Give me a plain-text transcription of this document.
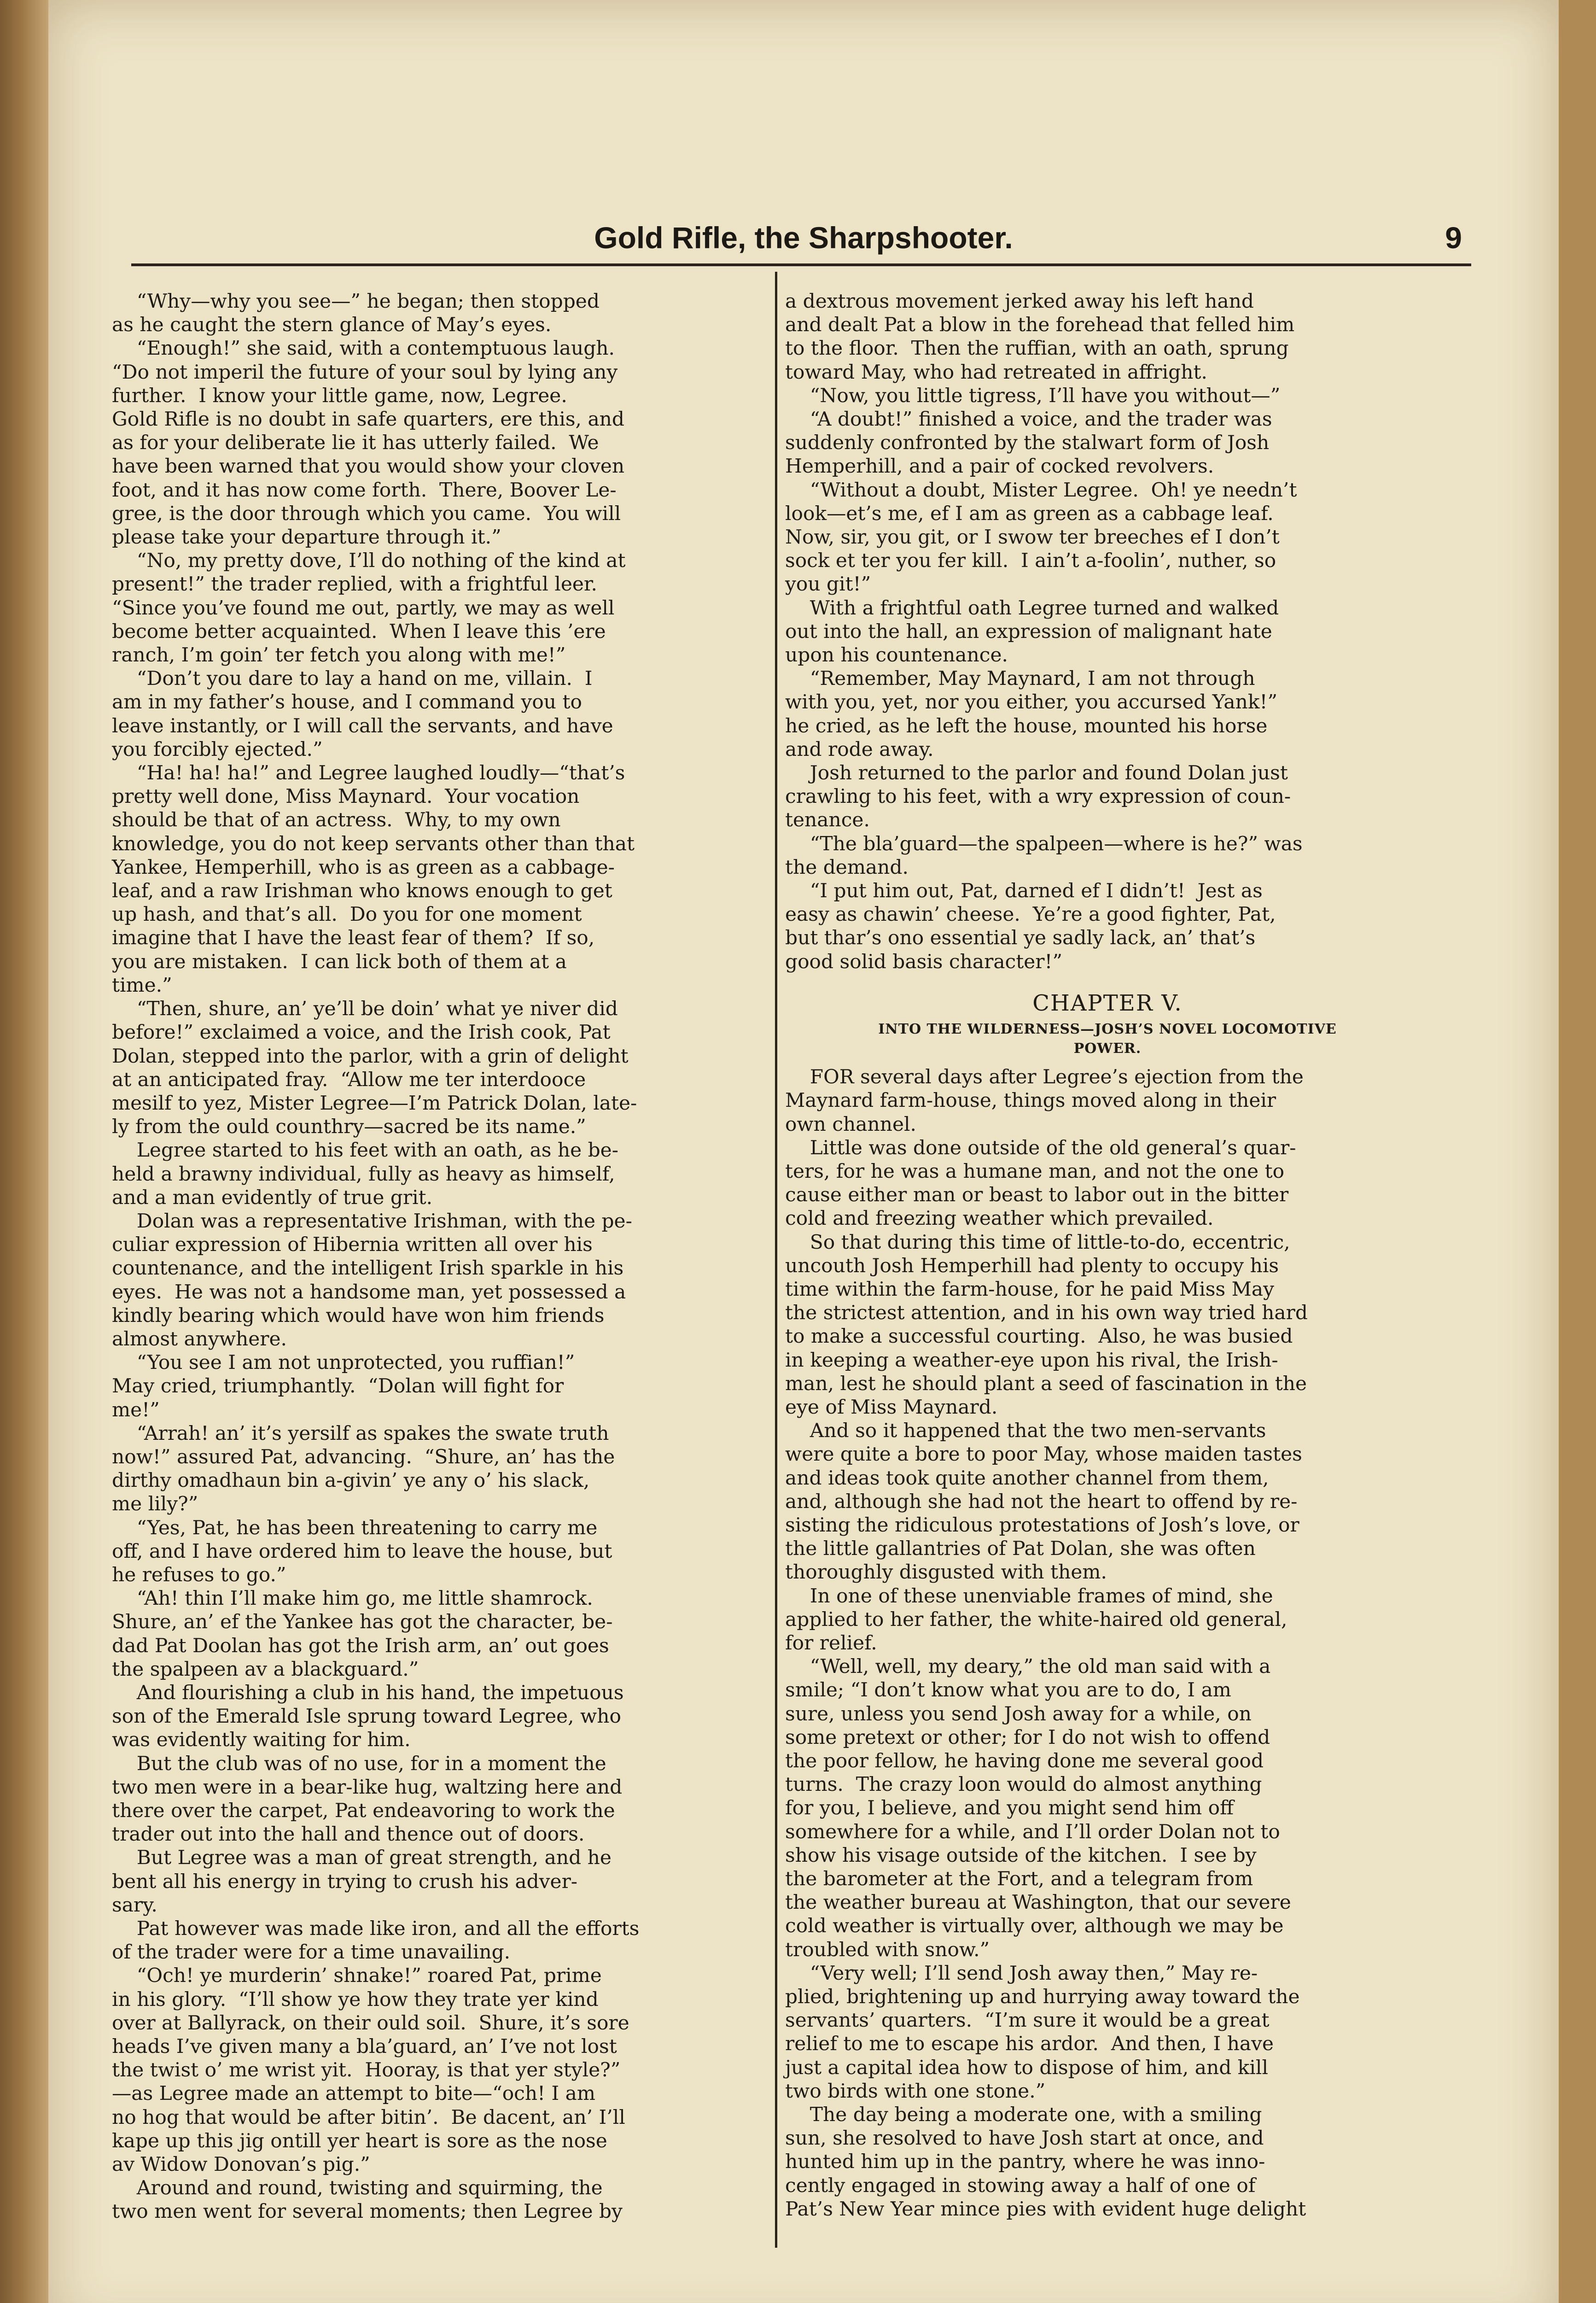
Gold Rifle, the Sharpshooter.	9

“Why—why you see—” he began; then stopped
as he caught the stern glance of May’s eyes.

“Enough!” she said, with a contemptuous laugh.
“Do not imperil the future of your soul by lying any
further.  I know your little game, now, Legree.
Gold Rifle is no doubt in safe quarters, ere this, and
as for your deliberate lie it has utterly failed.  We
have been warned that you would show your cloven
foot, and it has now come forth.  There, Boover Le-
gree, is the door through which you came.  You will
please take your departure through it.”

“No, my pretty dove, I’ll do nothing of the kind at
present!” the trader replied, with a frightful leer.
“Since you’ve found me out, partly, we may as well
become better acquainted.  When I leave this ’ere
ranch, I’m goin’ ter fetch you along with me!”

“Don’t you dare to lay a hand on me, villain.  I
am in my father’s house, and I command you to
leave instantly, or I will call the servants, and have
you forcibly ejected.”

“Ha! ha! ha!” and Legree laughed loudly—“that’s
pretty well done, Miss Maynard.  Your vocation
should be that of an actress.  Why, to my own
knowledge, you do not keep servants other than that
Yankee, Hemperhill, who is as green as a cabbage-
leaf, and a raw Irishman who knows enough to get
up hash, and that’s all.  Do you for one moment
imagine that I have the least fear of them?  If so,
you are mistaken.  I can lick both of them at a
time.”

“Then, shure, an’ ye’ll be doin’ what ye niver did
before!” exclaimed a voice, and the Irish cook, Pat
Dolan, stepped into the parlor, with a grin of delight
at an anticipated fray.  “Allow me ter interdooce
mesilf to yez, Mister Legree—I’m Patrick Dolan, late-
ly from the ould counthry—sacred be its name.”

Legree started to his feet with an oath, as he be-
held a brawny individual, fully as heavy as himself,
and a man evidently of true grit.

Dolan was a representative Irishman, with the pe-
culiar expression of Hibernia written all over his
countenance, and the intelligent Irish sparkle in his
eyes.  He was not a handsome man, yet possessed a
kindly bearing which would have won him friends
almost anywhere.

“You see I am not unprotected, you ruffian!”
May cried, triumphantly.  “Dolan will fight for
me!”

“Arrah! an’ it’s yersilf as spakes the swate truth
now!” assured Pat, advancing.  “Shure, an’ has the
dirthy omadhaun bin a-givin’ ye any o’ his slack,
me lily?”

“Yes, Pat, he has been threatening to carry me
off, and I have ordered him to leave the house, but
he refuses to go.”

“Ah! thin I’ll make him go, me little shamrock.
Shure, an’ ef the Yankee has got the character, be-
dad Pat Doolan has got the Irish arm, an’ out goes
the spalpeen av a blackguard.”

And flourishing a club in his hand, the impetuous
son of the Emerald Isle sprung toward Legree, who
was evidently waiting for him.

But the club was of no use, for in a moment the
two men were in a bear-like hug, waltzing here and
there over the carpet, Pat endeavoring to work the
trader out into the hall and thence out of doors.

But Legree was a man of great strength, and he
bent all his energy in trying to crush his adver-
sary.

Pat however was made like iron, and all the efforts
of the trader were for a time unavailing.

“Och! ye murderin’ shnake!” roared Pat, prime
in his glory.  “I’ll show ye how they trate yer kind
over at Ballyrack, on their ould soil.  Shure, it’s sore
heads I’ve given many a bla’guard, an’ I’ve not lost
the twist o’ me wrist yit.  Hooray, is that yer style?”
—as Legree made an attempt to bite—“och! I am
no hog that would be after bitin’.  Be dacent, an’ I’ll
kape up this jig ontill yer heart is sore as the nose
av Widow Donovan’s pig.”

Around and round, twisting and squirming, the
two men went for several moments; then Legree by

a dextrous movement jerked away his left hand
and dealt Pat a blow in the forehead that felled him
to the floor.  Then the ruffian, with an oath, sprung
toward May, who had retreated in affright.

“Now, you little tigress, I’ll have you without—”

“A doubt!” finished a voice, and the trader was
suddenly confronted by the stalwart form of Josh
Hemperhill, and a pair of cocked revolvers.

“Without a doubt, Mister Legree.  Oh! ye needn’t
look—et’s me, ef I am as green as a cabbage leaf.
Now, sir, you git, or I swow ter breeches ef I don’t
sock et ter you fer kill.  I ain’t a-foolin’, nuther, so
you git!”

With a frightful oath Legree turned and walked
out into the hall, an expression of malignant hate
upon his countenance.

“Remember, May Maynard, I am not through
with you, yet, nor you either, you accursed Yank!”
he cried, as he left the house, mounted his horse
and rode away.

Josh returned to the parlor and found Dolan just
crawling to his feet, with a wry expression of coun-
tenance.

“The bla’guard—the spalpeen—where is he?” was
the demand.

“I put him out, Pat, darned ef I didn’t!  Jest as
easy as chawin’ cheese.  Ye’re a good fighter, Pat,
but thar’s ono essential ye sadly lack, an’ that’s
good solid basis character!”

CHAPTER V.
INTO THE WILDERNESS—JOSH’S NOVEL LOCOMOTIVE
POWER.

FOR several days after Legree’s ejection from the
Maynard farm-house, things moved along in their
own channel.

Little was done outside of the old general’s quar-
ters, for he was a humane man, and not the one to
cause either man or beast to labor out in the bitter
cold and freezing weather which prevailed.

So that during this time of little-to-do, eccentric,
uncouth Josh Hemperhill had plenty to occupy his
time within the farm-house, for he paid Miss May
the strictest attention, and in his own way tried hard
to make a successful courting.  Also, he was busied
in keeping a weather-eye upon his rival, the Irish-
man, lest he should plant a seed of fascination in the
eye of Miss Maynard.

And so it happened that the two men-servants
were quite a bore to poor May, whose maiden tastes
and ideas took quite another channel from them,
and, although she had not the heart to offend by re-
sisting the ridiculous protestations of Josh’s love, or
the little gallantries of Pat Dolan, she was often
thoroughly disgusted with them.

In one of these unenviable frames of mind, she
applied to her father, the white-haired old general,
for relief.

“Well, well, my deary,” the old man said with a
smile; “I don’t know what you are to do, I am
sure, unless you send Josh away for a while, on
some pretext or other; for I do not wish to offend
the poor fellow, he having done me several good
turns.  The crazy loon would do almost anything
for you, I believe, and you might send him off
somewhere for a while, and I’ll order Dolan not to
show his visage outside of the kitchen.  I see by
the barometer at the Fort, and a telegram from
the weather bureau at Washington, that our severe
cold weather is virtually over, although we may be
troubled with snow.”

“Very well; I’ll send Josh away then,” May re-
plied, brightening up and hurrying away toward the
servants’ quarters.  “I’m sure it would be a great
relief to me to escape his ardor.  And then, I have
just a capital idea how to dispose of him, and kill
two birds with one stone.”

The day being a moderate one, with a smiling
sun, she resolved to have Josh start at once, and
hunted him up in the pantry, where he was inno-
cently engaged in stowing away a half of one of
Pat’s New Year mince pies with evident huge delight
